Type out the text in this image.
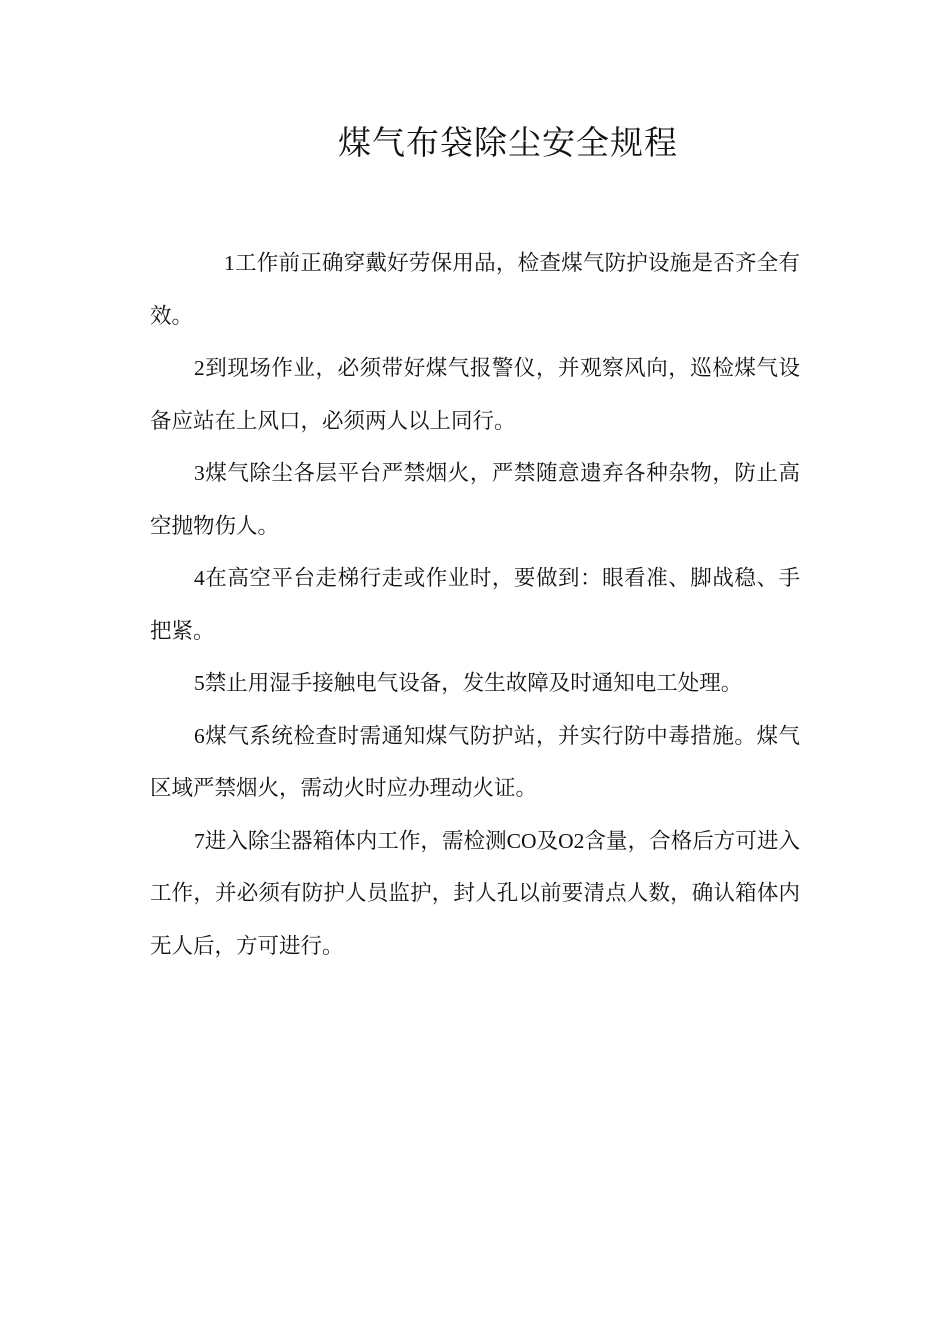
煤气布袋除尘安全规程

1工作前正确穿戴好劳保用品，检查煤气防护设施是否齐全有效。

2到现场作业，必须带好煤气报警仪，并观察风向，巡检煤气设备应站在上风口，必须两人以上同行。

3煤气除尘各层平台严禁烟火，严禁随意遗弃各种杂物，防止高空抛物伤人。

4在高空平台走梯行走或作业时，要做到：眼看准、脚战稳、手把紧。

5禁止用湿手接触电气设备，发生故障及时通知电工处理。

6煤气系统检查时需通知煤气防护站，并实行防中毒措施。煤气区域严禁烟火，需动火时应办理动火证。

7进入除尘器箱体内工作，需检测CO及O2含量，合格后方可进入工作，并必须有防护人员监护，封人孔以前要清点人数，确认箱体内无人后，方可进行。
